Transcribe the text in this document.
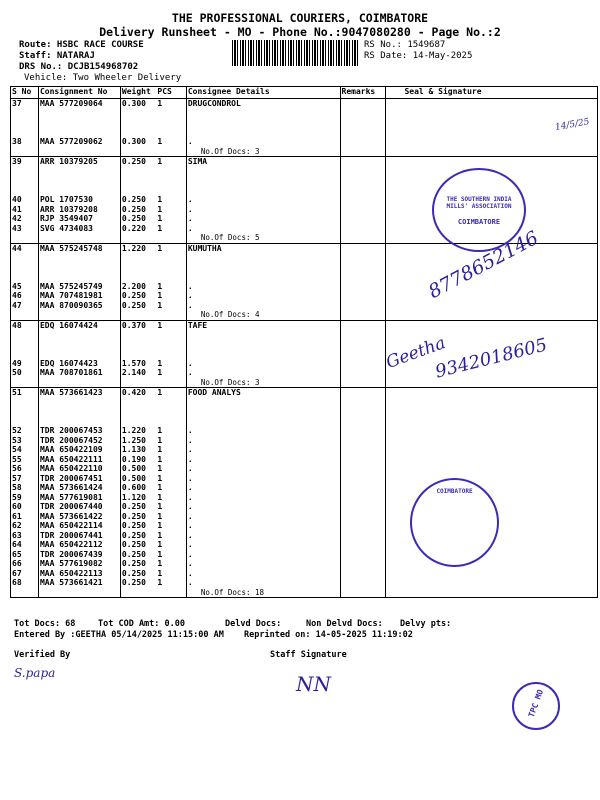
THE PROFESSIONAL COURIERS, COIMBATORE
Delivery Runsheet - MO - Phone No.:9047080280 - Page No.:2
Route: HSBC RACE COURSE
Staff: NATARAJ
DRS No.: DCJB154968702
Vehicle: Two Wheeler Delivery
RS No.: 1549687
RS Date: 14-May-2025
S No	Consignment No	Weight	PCS	Consignee Details	Remarks	Seal & Signature
37	MAA 577209064	0.300	1	DRUGCONDROL		

38	MAA 577209062	0.300	1	.		
				No.Of Docs: 3		
39	ARR 10379205	0.250	1	SIMA		

40	POL 1707530	0.250	1	.		
41	ARR 10379208	0.250	1	.		
42	RJP 3549407	0.250	1	.		
43	SVG 4734083	0.220	1	.		
				No.Of Docs: 5		
44	MAA 575245748	1.220	1	KUMUTHA		

45	MAA 575245749	2.200	1	.		
46	MAA 707481981	0.250	1	.		
47	MAA 870090365	0.250	1	.		
				No.Of Docs: 4		
48	EDQ 16074424	0.370	1	TAFE		

49	EDQ 16074423	1.570	1	.		
50	MAA 708701861	2.140	1	.		
				No.Of Docs: 3		
51	MAA 573661423	0.420	1	FOOD ANALYS		

52	TDR 200067453	1.220	1	.		
53	TDR 200067452	1.250	1	.		
54	MAA 650422109	1.130	1	.		
55	MAA 650422111	0.190	1	.		
56	MAA 650422110	0.500	1	.		
57	TDR 200067451	0.500	1	.		
58	MAA 573661424	0.600	1	.		
59	MAA 577619081	1.120	1	.		
60	TDR 200067440	0.250	1	.		
61	MAA 573661422	0.250	1	.		
62	MAA 650422114	0.250	1	.		
63	TDR 200067441	0.250	1	.		
64	MAA 650422112	0.250	1	.		
65	TDR 200067439	0.250	1	.		
66	MAA 577619082	0.250	1	.		
67	MAA 650422113	0.250	1	.		
68	MAA 573661421	0.250	1	.		
				No.Of Docs: 18		
Tot Docs: 68	Tot COD Amt: 0.00	Delvd Docs:	Non Delvd Docs: Delvy pts:
Entered By :GEETHA 05/14/2025 11:15:00 AM Reprinted on: 14-05-2025 11:19:02
Verified By	Staff Signature
8778652146
Geetha
9342018605
S.papa	NN
14/5/25
THE SOUTHERN INDIA MILLS' ASSOCIATION
COIMBATORE
COIMBATORE
TPC MO
